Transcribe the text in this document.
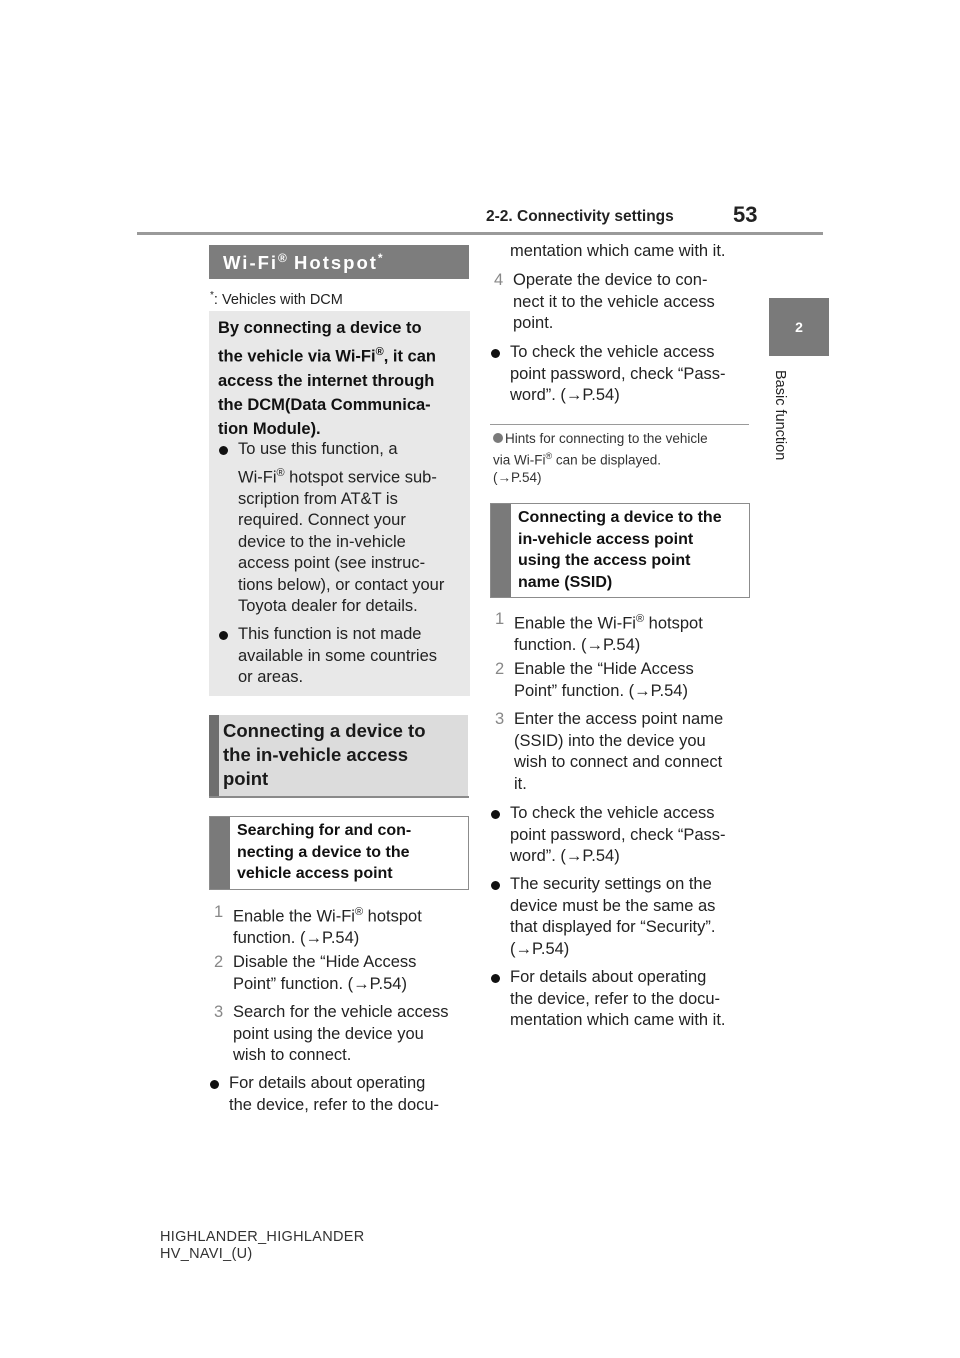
2-2. Connectivity settings	53
2
Basic function
Wi-Fi® Hotspot*
*: Vehicles with DCM
By connecting a device to
the vehicle via Wi-Fi®, it can
access the internet through
the DCM(Data Communica-
tion Module).
To use this function, a
Wi-Fi® hotspot service sub-
scription from AT&T is
required. Connect your
device to the in-vehicle
access point (see instruc-
tions below), or contact your
Toyota dealer for details.
This function is not made
available in some countries
or areas.
Connecting a device to
the in-vehicle access
point
Searching for and con-
necting a device to the
vehicle access point
1 Enable the Wi-Fi® hotspot
function. (→P.54)
2 Disable the “Hide Access
Point” function. (→P.54)
3 Search for the vehicle access
point using the device you
wish to connect.
For details about operating
the device, refer to the docu-
mentation which came with it.
4 Operate the device to con-
nect it to the vehicle access
point.
To check the vehicle access
point password, check “Pass-
word”. (→P.54)
Hints for connecting to the vehicle
via Wi-Fi® can be displayed.
(→P.54)
Connecting a device to the
in-vehicle access point
using the access point
name (SSID)
1 Enable the Wi-Fi® hotspot
function. (→P.54)
2 Enable the “Hide Access
Point” function. (→P.54)
3 Enter the access point name
(SSID) into the device you
wish to connect and connect
it.
To check the vehicle access
point password, check “Pass-
word”. (→P.54)
The security settings on the
device must be the same as
that displayed for “Security”.
(→P.54)
For details about operating
the device, refer to the docu-
mentation which came with it.
HIGHLANDER_HIGHLANDER
HV_NAVI_(U)
